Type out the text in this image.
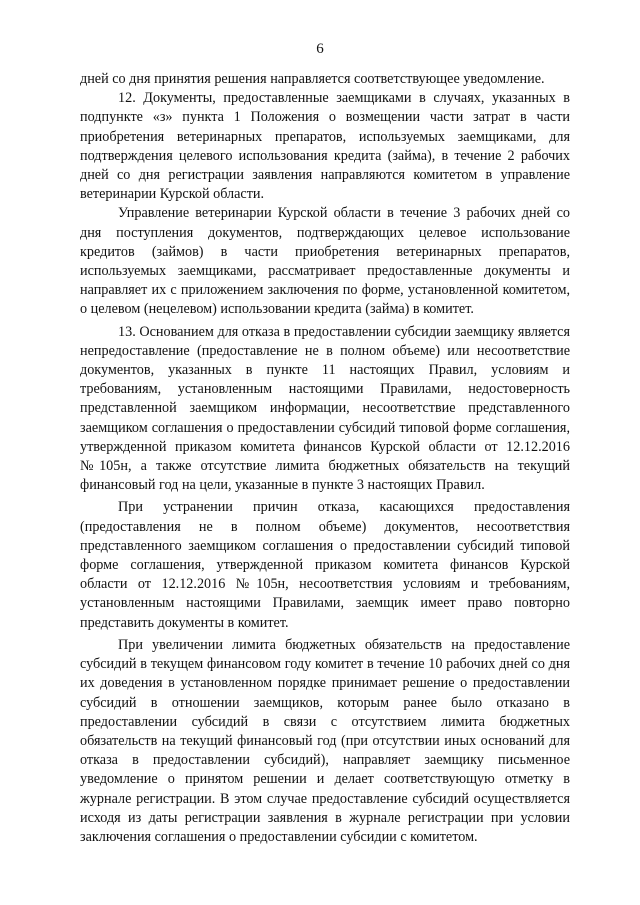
6

дней со дня принятия решения направляется соответствующее уведомление.

12. Документы, предоставленные заемщиками в случаях, указанных в подпункте «з» пункта 1 Положения о возмещении части затрат в части приобретения ветеринарных препаратов, используемых заемщиками, для подтверждения целевого использования кредита (займа), в течение 2 рабочих дней со дня регистрации заявления направляются комитетом в управление ветеринарии Курской области.

Управление ветеринарии Курской области в течение 3 рабочих дней со дня поступления документов, подтверждающих целевое использование кредитов (займов) в части приобретения ветеринарных препаратов, используемых заемщиками, рассматривает предоставленные документы и направляет их с приложением заключения по форме, установленной комитетом, о целевом (нецелевом) использовании кредита (займа) в комитет.

13. Основанием для отказа в предоставлении субсидии заемщику является непредоставление (предоставление не в полном объеме) или несоответствие документов, указанных в пункте 11 настоящих Правил, условиям и требованиям, установленным настоящими Правилами, недостоверность представленной заемщиком информации, несоответствие представленного заемщиком соглашения о предоставлении субсидий типовой форме соглашения, утвержденной приказом комитета финансов Курской области от 12.12.2016 №105н, а также отсутствие лимита бюджетных обязательств на текущий финансовый год на цели, указанные в пункте 3 настоящих Правил.

При устранении причин отказа, касающихся предоставления (предоставления не в полном объеме) документов, несоответствия представленного заемщиком соглашения о предоставлении субсидий типовой форме соглашения, утвержденной приказом комитета финансов Курской области от 12.12.2016 №105н, несоответствия условиям и требованиям, установленным настоящими Правилами, заемщик имеет право повторно представить документы в комитет.

При увеличении лимита бюджетных обязательств на предоставление субсидий в текущем финансовом году комитет в течение 10 рабочих дней со дня их доведения в установленном порядке принимает решение о предоставлении субсидий в отношении заемщиков, которым ранее было отказано в предоставлении субсидий в связи с отсутствием лимита бюджетных обязательств на текущий финансовый год (при отсутствии иных оснований для отказа в предоставлении субсидий), направляет заемщику письменное уведомление о принятом решении и делает соответствующую отметку в журнале регистрации. В этом случае предоставление субсидий осуществляется исходя из даты регистрации заявления в журнале регистрации при условии заключения соглашения о предоставлении субсидии с комитетом.
